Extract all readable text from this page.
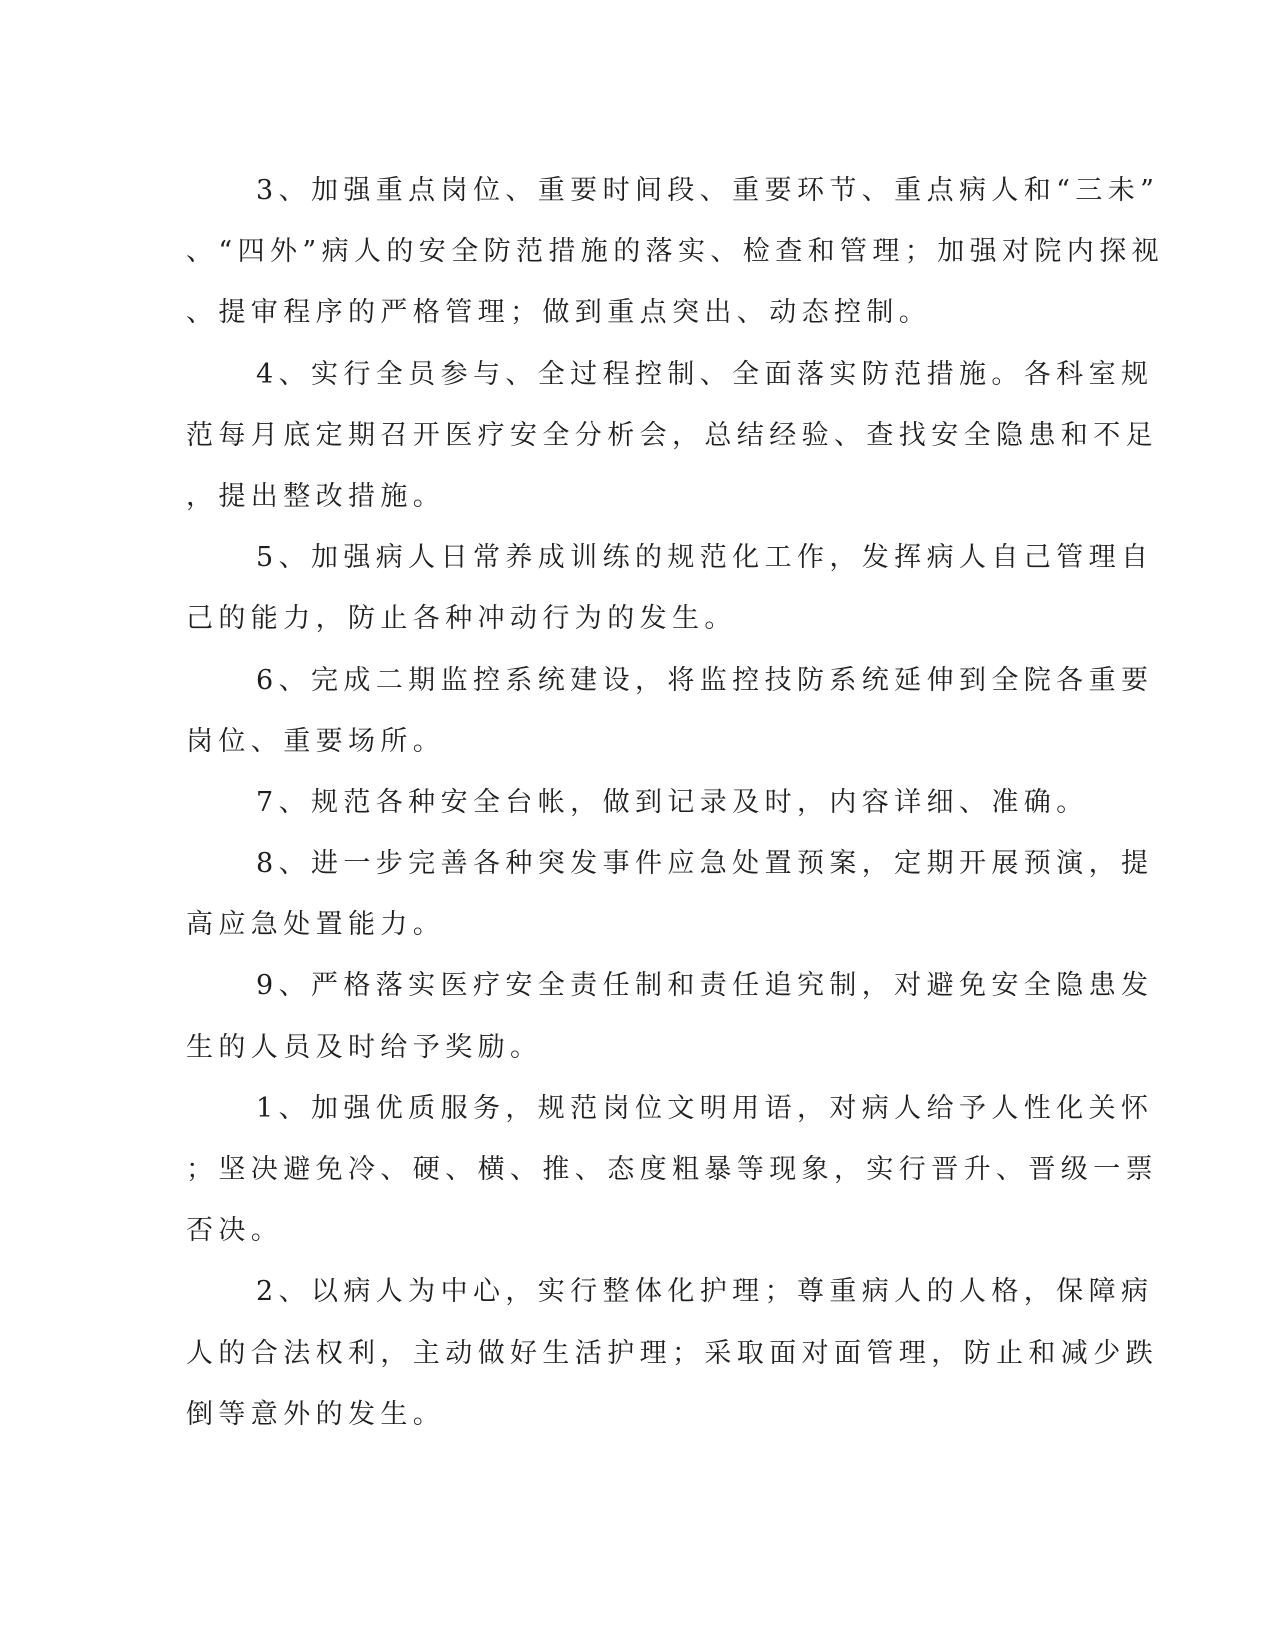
3、加强重点岗位、重要时间段、重要环节、重点病人和“三未”
、“四外”病人的安全防范措施的落实、检查和管理；加强对院内探视
、提审程序的严格管理；做到重点突出、动态控制。
4、实行全员参与、全过程控制、全面落实防范措施。各科室规
范每月底定期召开医疗安全分析会，总结经验、查找安全隐患和不足
，提出整改措施。
5、加强病人日常养成训练的规范化工作，发挥病人自己管理自
己的能力，防止各种冲动行为的发生。
6、完成二期监控系统建设，将监控技防系统延伸到全院各重要
岗位、重要场所。
7、规范各种安全台帐，做到记录及时，内容详细、准确。
8、进一步完善各种突发事件应急处置预案，定期开展预演，提
高应急处置能力。
9、严格落实医疗安全责任制和责任追究制，对避免安全隐患发
生的人员及时给予奖励。
1、加强优质服务，规范岗位文明用语，对病人给予人性化关怀
；坚决避免冷、硬、横、推、态度粗暴等现象，实行晋升、晋级一票
否决。
2、以病人为中心，实行整体化护理；尊重病人的人格，保障病
人的合法权利，主动做好生活护理；采取面对面管理，防止和减少跌
倒等意外的发生。
